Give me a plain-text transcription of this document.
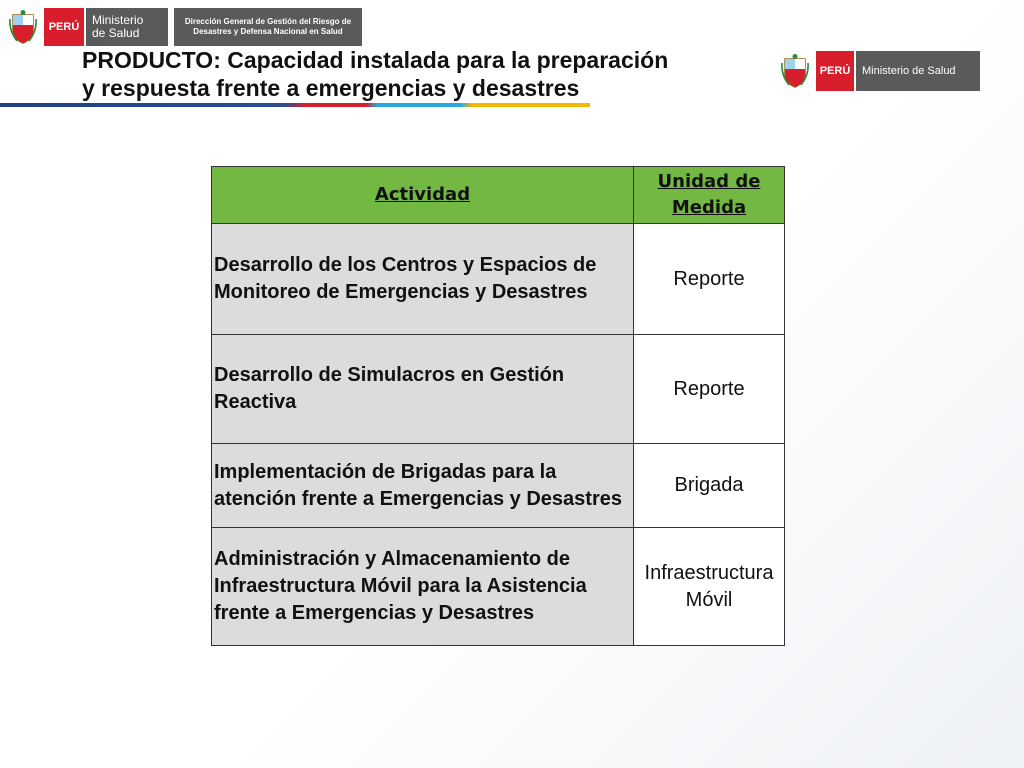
PERÚ	Ministerio
de Salud
Dirección General de Gestión del Riesgo de
Desastres y Defensa Nacional en Salud
PRODUCTO: Capacidad instalada para la preparación
y respuesta frente a emergencias y desastres
PERÚ	Ministerio de Salud
Actividad	Unidad de Medida
Desarrollo de los Centros y Espacios de Monitoreo de Emergencias y Desastres	Reporte
Desarrollo de Simulacros en Gestión Reactiva	Reporte
Implementación de Brigadas para la atención frente a Emergencias y Desastres	Brigada
Administración y Almacenamiento de Infraestructura Móvil para la Asistencia frente a Emergencias y Desastres	Infraestructura Móvil
